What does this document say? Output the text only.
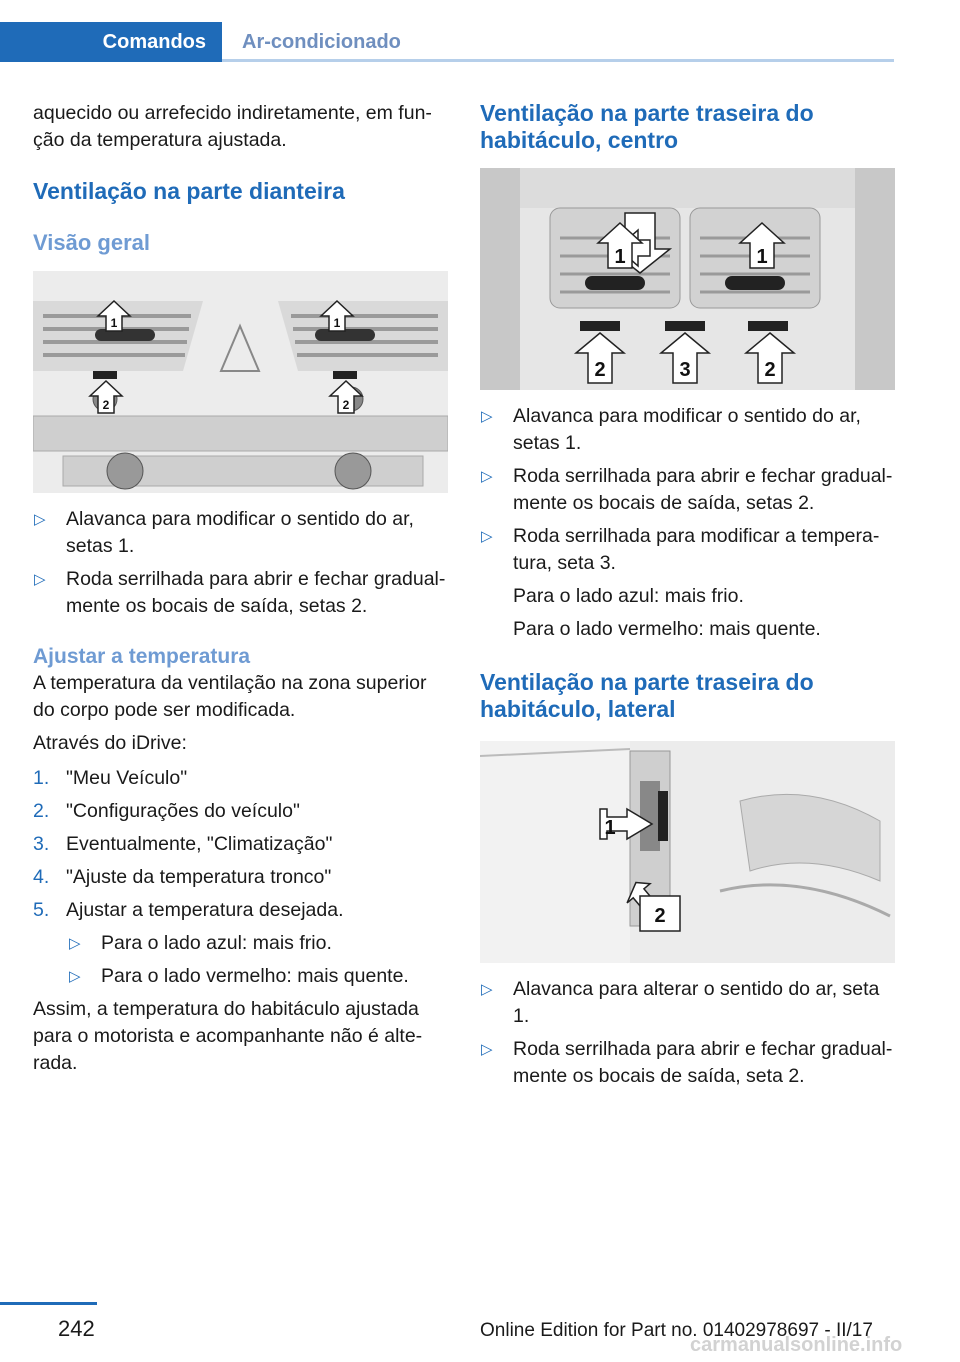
Comandos	Ar-condicionado

aquecido ou arrefecido indiretamente, em função da temperatura ajustada.

Ventilação na parte dianteira
Visão geral
1	1
2	2
▷ Alavanca para modificar o sentido do ar, setas 1.
▷ Roda serrilhada para abrir e fechar gradualmente os bocais de saída, setas 2.
Ajustar a temperatura

A temperatura da ventilação na zona superior do corpo pode ser modificada.

Através do iDrive:

1. "Meu Veículo"
2. "Configurações do veículo"
3. Eventualmente, "Climatização"
4. "Ajuste da temperatura tronco"
5. Ajustar a temperatura desejada.
▷ Para o lado azul: mais frio.
▷ Para o lado vermelho: mais quente.

Assim, a temperatura do habitáculo ajustada para o motorista e acompanhante não é alterada.

Ventilação na parte traseira do habitáculo, centro
1	1
2	3	2
▷ Alavanca para modificar o sentido do ar, setas 1.
▷ Roda serrilhada para abrir e fechar gradualmente os bocais de saída, setas 2.
▷ Roda serrilhada para modificar a temperatura, seta 3.
Para o lado azul: mais frio.
Para o lado vermelho: mais quente.
Ventilação na parte traseira do habitáculo, lateral
1
2
▷ Alavanca para alterar o sentido do ar, seta 1.
▷ Roda serrilhada para abrir e fechar gradualmente os bocais de saída, seta 2.
242	Online Edition for Part no. 01402978697 - II/17
carmanualsonline.info
